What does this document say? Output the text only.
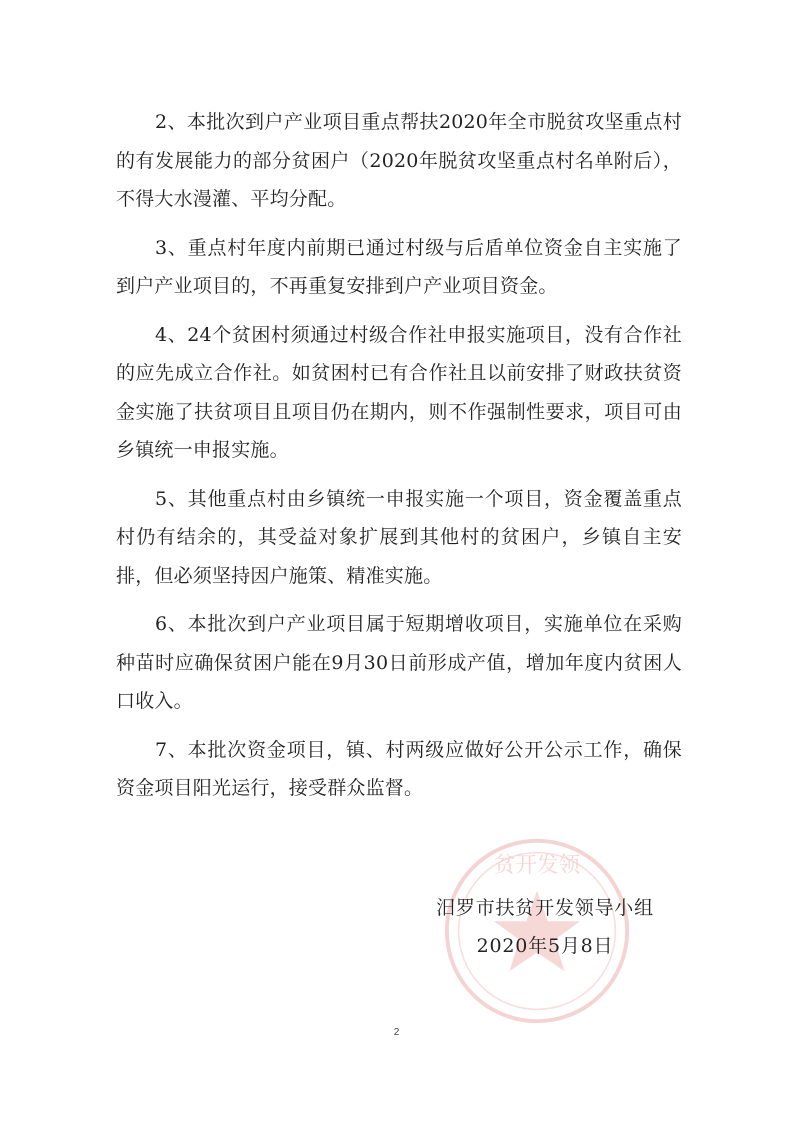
2、本批次到户产业项目重点帮扶2020年全市脱贫攻坚重点村的有发展能力的部分贫困户（2020年脱贫攻坚重点村名单附后），不得大水漫灌、平均分配。

3、重点村年度内前期已通过村级与后盾单位资金自主实施了到户产业项目的，不再重复安排到户产业项目资金。

4、24个贫困村须通过村级合作社申报实施项目，没有合作社的应先成立合作社。如贫困村已有合作社且以前安排了财政扶贫资金实施了扶贫项目且项目仍在期内，则不作强制性要求，项目可由乡镇统一申报实施。

5、其他重点村由乡镇统一申报实施一个项目，资金覆盖重点村仍有结余的，其受益对象扩展到其他村的贫困户，乡镇自主安排，但必须坚持因户施策、精准实施。

6、本批次到户产业项目属于短期增收项目，实施单位在采购种苗时应确保贫困户能在9月30日前形成产值，增加年度内贫困人口收入。

7、本批次资金项目，镇、村两级应做好公开公示工作，确保资金项目阳光运行，接受群众监督。

贫开发领
汨罗市扶贫开发领导小组
2020年5月8日
2
